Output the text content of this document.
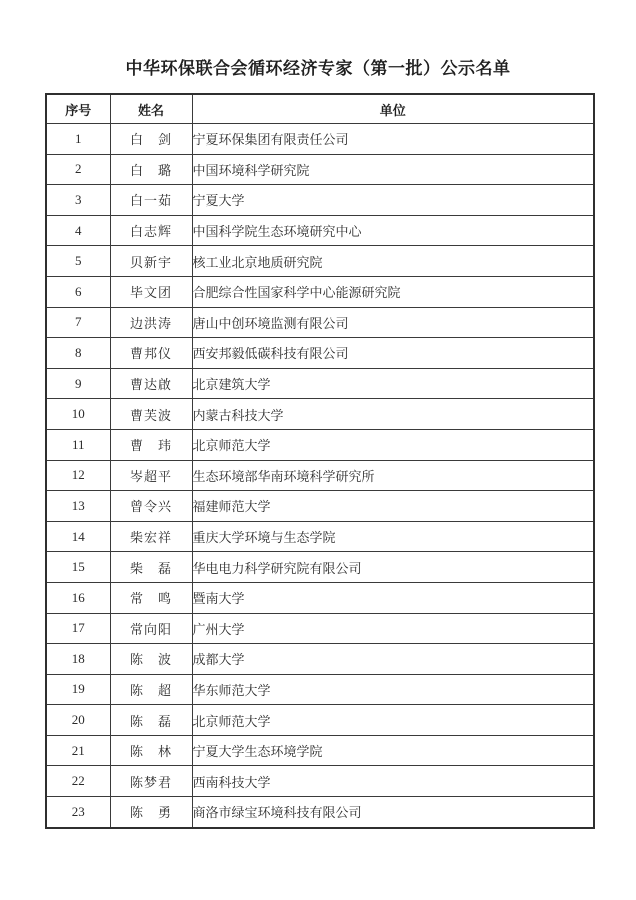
中华环保联合会循环经济专家（第一批）公示名单
序号	姓名	单位
1	白　剑	宁夏环保集团有限责任公司
2	白　璐	中国环境科学研究院
3	白一茹	宁夏大学
4	白志辉	中国科学院生态环境研究中心
5	贝新宇	核工业北京地质研究院
6	毕文团	合肥综合性国家科学中心能源研究院
7	边洪涛	唐山中创环境监测有限公司
8	曹邦仪	西安邦毅低碳科技有限公司
9	曹达啟	北京建筑大学
10	曹芙波	内蒙古科技大学
11	曹　玮	北京师范大学
12	岑超平	生态环境部华南环境科学研究所
13	曾令兴	福建师范大学
14	柴宏祥	重庆大学环境与生态学院
15	柴　磊	华电电力科学研究院有限公司
16	常　鸣	暨南大学
17	常向阳	广州大学
18	陈　波	成都大学
19	陈　超	华东师范大学
20	陈　磊	北京师范大学
21	陈　林	宁夏大学生态环境学院
22	陈梦君	西南科技大学
23	陈　勇	商洛市绿宝环境科技有限公司
